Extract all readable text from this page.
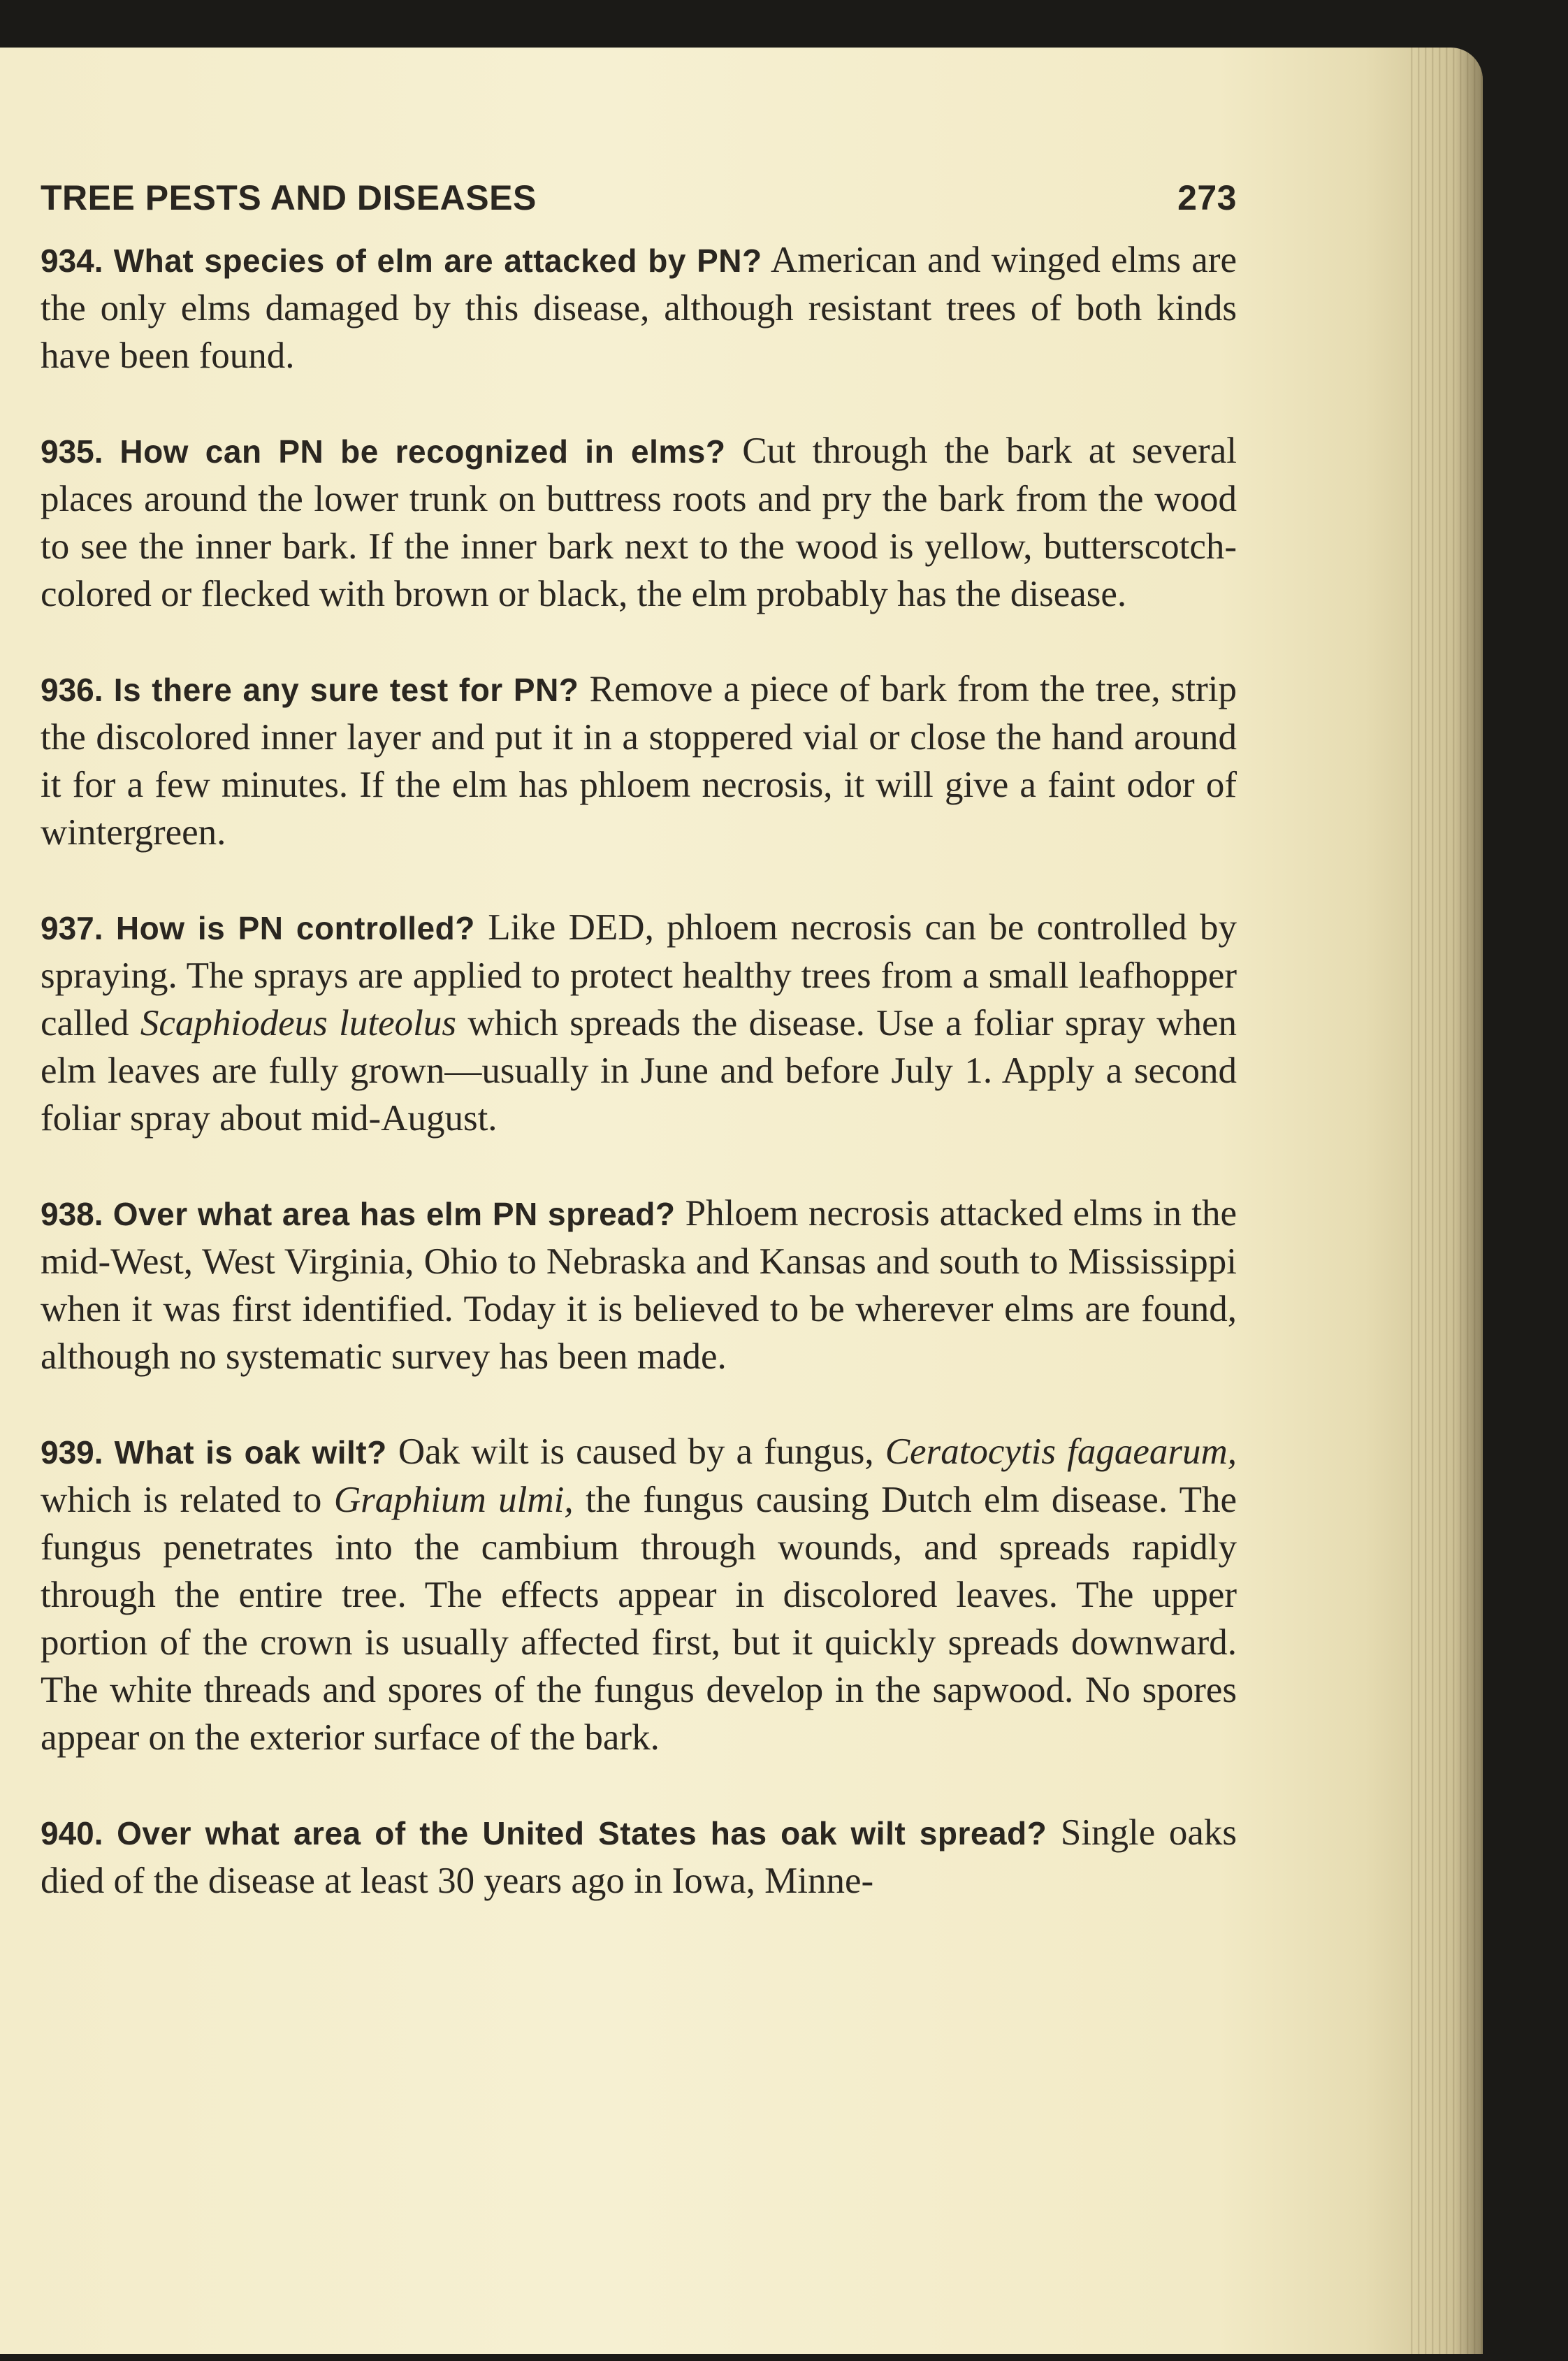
TREE PESTS AND DISEASES	273

934. What species of elm are attacked by PN? American and winged elms are the only elms damaged by this disease, although resistant trees of both kinds have been found.

935. How can PN be recognized in elms? Cut through the bark at several places around the lower trunk on buttress roots and pry the bark from the wood to see the inner bark. If the inner bark next to the wood is yellow, butterscotch-colored or flecked with brown or black, the elm probably has the disease.

936. Is there any sure test for PN? Remove a piece of bark from the tree, strip the discolored inner layer and put it in a stoppered vial or close the hand around it for a few minutes. If the elm has phloem necrosis, it will give a faint odor of wintergreen.

937. How is PN controlled? Like DED, phloem necrosis can be controlled by spraying. The sprays are applied to protect healthy trees from a small leafhopper called Scaphiodeus luteolus which spreads the disease. Use a foliar spray when elm leaves are fully grown—usually in June and before July 1. Apply a second foliar spray about mid-August.

938. Over what area has elm PN spread? Phloem necrosis attacked elms in the mid-West, West Virginia, Ohio to Nebraska and Kansas and south to Mississippi when it was first identified. Today it is believed to be wherever elms are found, although no systematic survey has been made.

939. What is oak wilt? Oak wilt is caused by a fungus, Ceratocytis fagaearum, which is related to Graphium ulmi, the fungus causing Dutch elm disease. The fungus penetrates into the cambium through wounds, and spreads rapidly through the entire tree. The effects appear in discolored leaves. The upper portion of the crown is usually affected first, but it quickly spreads downward. The white threads and spores of the fungus develop in the sapwood. No spores appear on the exterior surface of the bark.

940. Over what area of the United States has oak wilt spread? Single oaks died of the disease at least 30 years ago in Iowa, Minne-
